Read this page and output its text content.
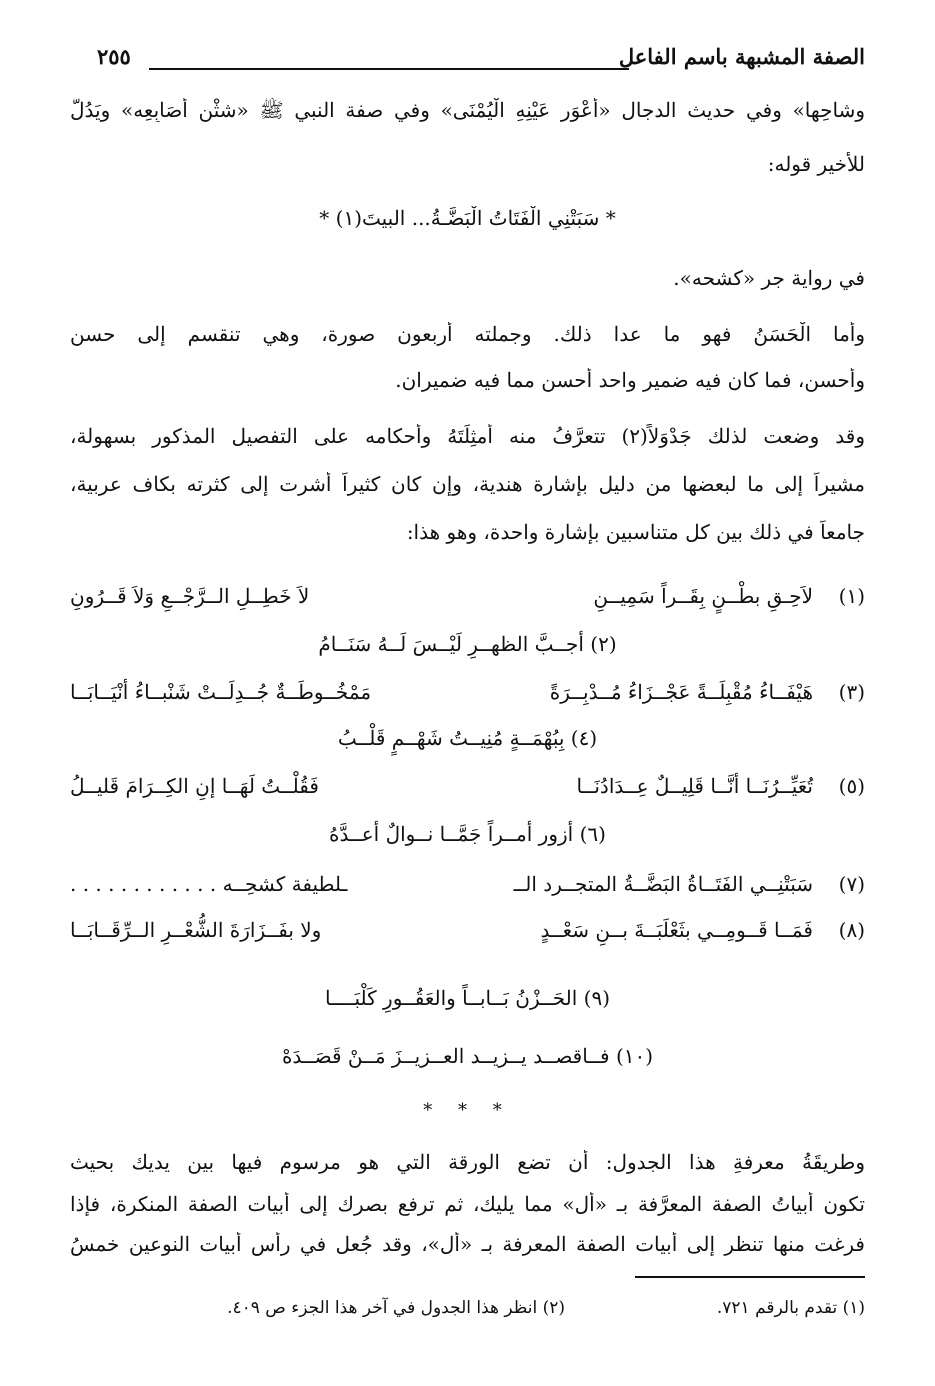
الصفة المشبهة باسم الفاعل
٢٥٥
وشاحِها» وفي حديث الدجال «أعْوَر عَيْنِهِ الْيُمْنَى» وفي صفة النبي ﷺ «شثْن أصَابِعِه» ويَدُلُّ
للأخير قوله:
* سَبَتْنِي الْفَتَاتُ الْبَضَّـةُ... البيتَ(١) *
في رواية جر «كشحه».
وأما الْحَسَنُ فهو ما عدا ذلك. وجملته أربعون صورة، وهي تنقسم إلى حسن
وأحسن، فما كان فيه ضمير واحد أحسن مما فيه ضميران.
وقد وضعت لذلك جَدْوَلاً(٢) تتعرَّفُ منه أمثِلَتَهُ وأحكامه على التفصيل المذكور بسهولة،
مشيراً إلى ما لبعضها من دليل بإشارة هندية، وإن كان كثيراً أشرت إلى كثرته بكاف عربية،
جامعاً في ذلك بين كل متناسبين بإشارة واحدة، وهو هذا:
(١)
لاَحِـقِ بطْــنٍ بِقَــراً سَمِيــنِ
لاَ خَطِــلِ الــرَّجْــعِ وَلاَ قَــرُونِ
(٢) أجــبَّ الظهــرِ لَيْــسَ لَــهُ سَنَــامُ
(٣)
هَيْفَــاءُ مُقْبِلَــةً عَجْــزَاءُ مُــدْبِــرَةً
مَمْخُــوطَــةٌ جُــدِلَــتْ شَنْبــاءُ أنْيَــابَــا
(٤) بِبُهْمَــةٍ مُنِيــتُ شَهْــمٍ قَلْــبُ
(٥)
تُعَيِّــرُنَــا أنَّــا قَلِيــلٌ عِــدَادُنَــا
فَقُلْــتُ لَهَــا إنِ الكِــرَامَ قَليــلُ
(٦) أزور أمــراً جَمَّــا نــوالٌ أعــدَّهُ
(٧)
سَبَتْنِــي الفَتَــاةُ البَضَّــةُ المتجــرد الــ
ـلطيفة كشحِــه . . . . . . . . . . . .
(٨)
فَمَــا قَــومِــي بثَعْلَبَــةَ بــنِ سَعْــدٍ
ولا بفَــزَارَةَ الشُّعْــرِ الــرِّقَــابَــا
(٩) الحَــزْنُ بَــابــاً والعَقُــورِ كَلْبَــــا
(١٠) فــاقصــد يــزيــد العــزيــزَ مَــنْ قَصَــدَهْ
* * *
وطريقَةُ معرفةِ هذا الجدول: أن تضع الورقة التي هو مرسوم فيها بين يديك بحيث
تكون أبياتُ الصفة المعرَّفة بـ «أل» مما يليك، ثم ترفع بصرك إلى أبيات الصفة المنكرة، فإذا
فرغت منها تنظر إلى أبيات الصفة المعرفة بـ «أل»، وقد جُعل في رأس أبيات النوعين خمسُ
(١) تقدم بالرقم ٧٢١.
(٢) انظر هذا الجدول في آخر هذا الجزء ص ٤٠٩.
